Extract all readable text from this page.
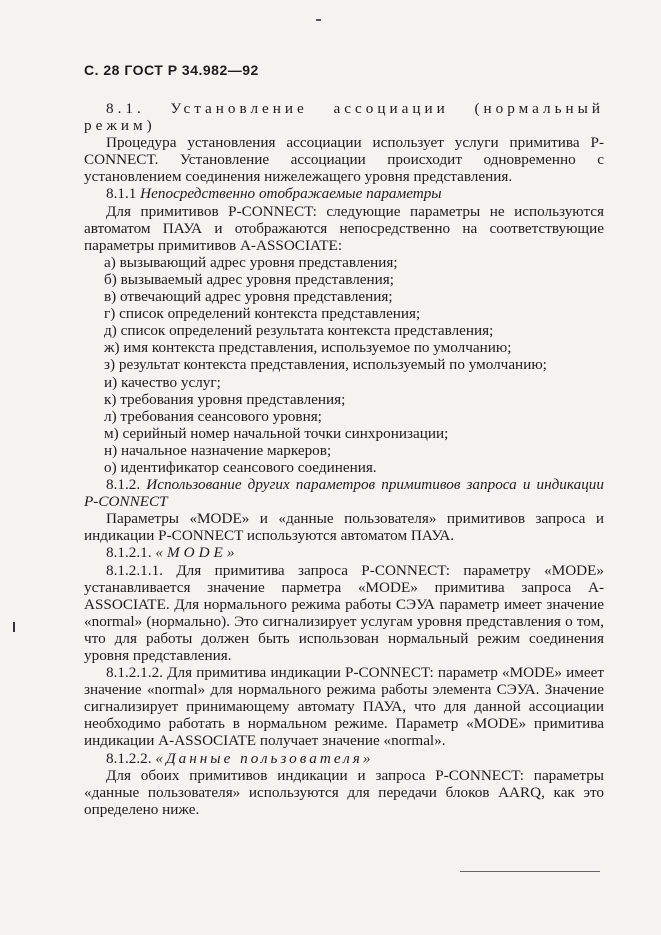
С. 28 ГОСТ Р 34.982—92

8.1. Установление ассоциации (нормальный режим)

Процедура установления ассоциации использует услуги примитива P-CONNECT. Установление ассоциации происходит одновременно с установлением соединения нижележащего уровня представления.

8.1.1 Непосредственно отображаемые параметры

Для примитивов P-CONNECT: следующие параметры не используются автоматом ПАУА и отображаются непосредственно на соответствующие параметры примитивов A-ASSOCIATE:

а) вызывающий адрес уровня представления;
б) вызываемый адрес уровня представления;
в) отвечающий адрес уровня представления;
г) список определений контекста представления;
д) список определений результата контекста представления;
ж) имя контекста представления, используемое по умолчанию;
з) результат контекста представления, используемый по умолчанию;
и) качество услуг;
к) требования уровня представления;
л) требования сеансового уровня;
м) серийный номер начальной точки синхронизации;
н) начальное назначение маркеров;
о) идентификатор сеансового соединения.

8.1.2. Использование других параметров примитивов запроса и индикации P-CONNECT

Параметры «MODE» и «данные пользователя» примитивов запроса и индикации P-CONNECT используются автоматом ПАУА.

8.1.2.1. «MODE»

8.1.2.1.1. Для примитива запроса P-CONNECT: параметру «MODE» устанавливается значение пармeтра «MODE» примитива запроса A-ASSOCIATE. Для нормального режима работы СЭУА параметр имеет значение «normal» (нормально). Это сигнализирует услугам уровня представления о том, что для работы должен быть использован нормальный режим соединения уровня представления.

8.1.2.1.2. Для примитива индикации P-CONNECT: параметр «MODE» имеет значение «normal» для нормального режима работы элемента СЭУА. Значение сигнализирует принимающему автомату ПАУА, что для данной ассоциации необходимо работать в нормальном режиме. Параметр «MODE» примитива индикации A-ASSOCIATE получает значение «normal».

8.1.2.2. «Данные пользователя»

Для обоих примитивов индикации и запроса P-CONNECT: параметры «данные пользователя» используются для передачи блоков AARQ, как это определено ниже.
